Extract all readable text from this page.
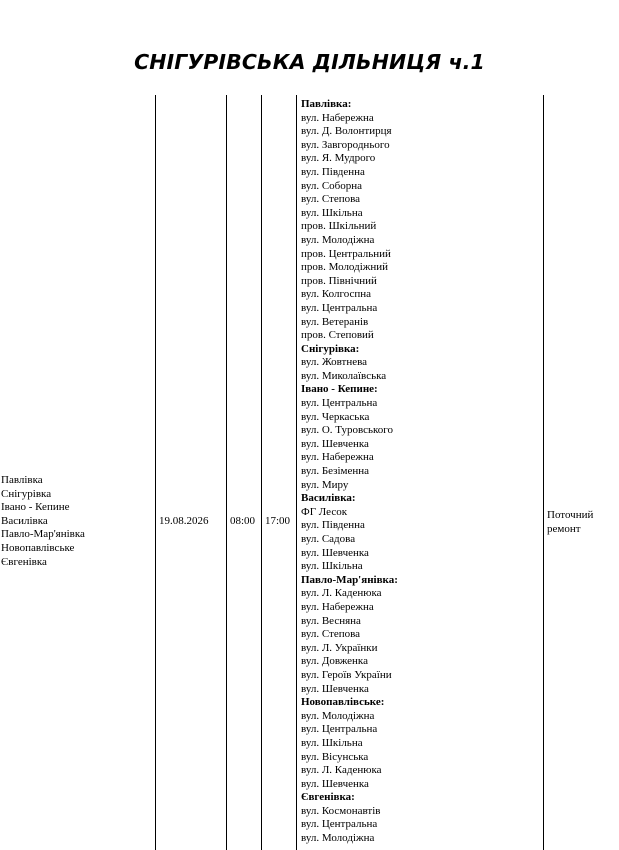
СНІГУРІВСЬКА ДІЛЬНИЦЯ ч.1
Павлівка
Снігурівка
Івано - Кепине
Василівка
Павло-Мар'янівка
Новопавлівське
Євгенівка
19.08.2026 08:00 17:00	Поточний
ремонт
Павлівка:
вул. Набережна
вул. Д. Волонтирця
вул. Завгороднього
вул. Я. Мудрого
вул. Південна
вул. Соборна
вул. Степова
вул. Шкільна
пров. Шкільний
вул. Молодіжна
пров. Центральний
пров. Молодіжний
пров. Північний
вул. Колгоспна
вул. Центральна
вул. Ветеранів
пров. Степовий
Снігурівка:
вул. Жовтнева
вул. Миколаївська
Івано - Кепине:
вул. Центральна
вул. Черкаська
вул. О. Туровського
вул. Шевченка
вул. Набережна
вул. Безіменна
вул. Миру
Василівка:
ФГ Лесок
вул. Південна
вул. Садова
вул. Шевченка
вул. Шкільна
Павло-Мар'янівка:
вул. Л. Каденюка
вул. Набережна
вул. Весняна
вул. Степова
вул. Л. Українки
вул. Довженка
вул. Героїв України
вул. Шевченка
Новопавлівське:
вул. Молодіжна
вул. Центральна
вул. Шкільна
вул. Вісунська
вул. Л. Каденюка
вул. Шевченка
Євгенівка:
вул. Космонавтів
вул. Центральна
вул. Молодіжна
